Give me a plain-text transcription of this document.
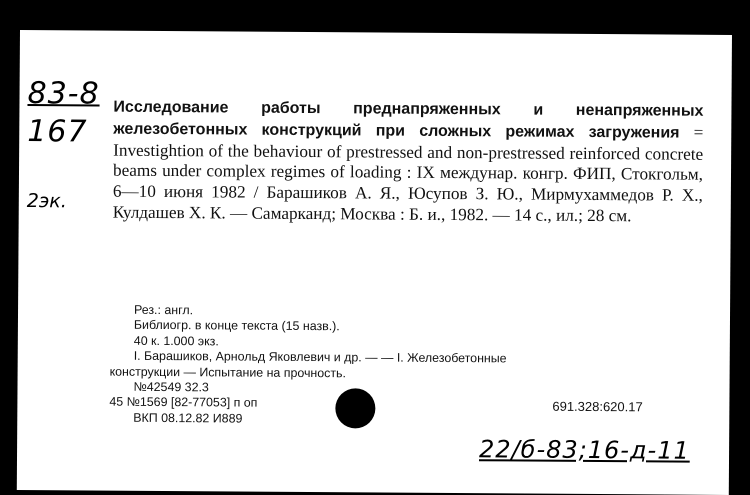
83-8
167
2эк.

Исследование работы преднапряженных и ненапряженных железобетонных конструкций при сложных режимах загружения = Investightion of the behaviour of prestressed and non-prestressed reinforced concrete beams under complex regimes of loading : IX междунар. конгр. ФИП, Стокгольм, 6—10 июня 1982 / Барашиков А. Я., Юсупов З. Ю., Мирмухаммедов Р. Х., Кулдашев Х. К. — Самарканд; Москва : Б. и., 1982. — 14 с., ил.; 28 см.

Рез.: англ.
Библиогр. в конце текста (15 назв.).
40 к. 1.000 экз.
I. Барашиков, Арнольд Яковлевич и др. — — I. Железобетонные
конструкции — Испытание на прочность.
№42549 32.3
45 №1569 [82-77053] п оп
ВКП 08.12.82 И889
691.328:620.17
22/б-83;16-д-11
